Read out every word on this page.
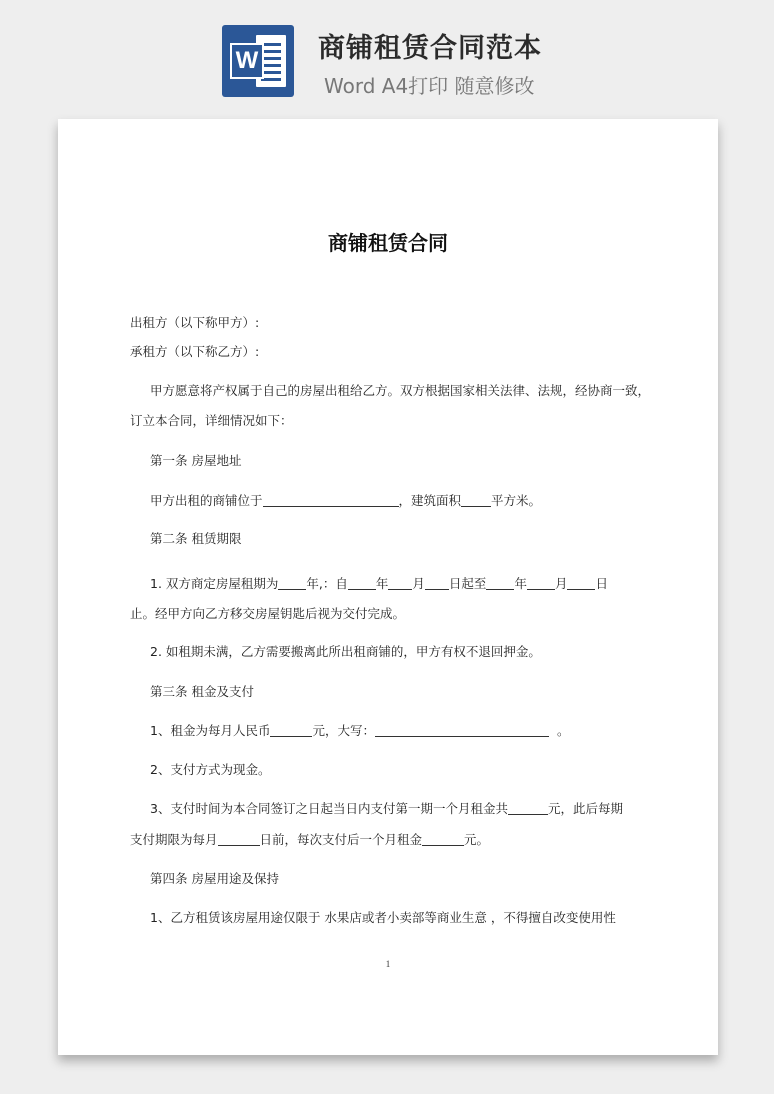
W 商铺租赁合同范本
Word A4打印 随意修改
商铺租赁合同
出租方（以下称甲方）:
承租方（以下称乙方）:
甲方愿意将产权属于自己的房屋出租给乙方。双方根据国家相关法律、法规，经协商一致，
订立本合同，详细情况如下：
第一条 房屋地址
甲方出租的商铺位于	，建筑面积 平方米。
第二条 租赁期限
1. 双方商定房屋租期为 年,：自 年 月 日起至 年 月 日
止。经甲方向乙方移交房屋钥匙后视为交付完成。
2. 如租期未满，乙方需要搬离此所出租商铺的，甲方有权不退回押金。
第三条 租金及支付
1、租金为每月人民币	元，大写：	。
2、支付方式为现金。
3、支付时间为本合同签订之日起当日内支付第一期一个月租金共	元，此后每期
支付期限为每月	日前，每次支付后一个月租金	元。
第四条 房屋用途及保持
1、乙方租赁该房屋用途仅限于 水果店或者小卖部等商业生意 ，不得擅自改变使用性
1
